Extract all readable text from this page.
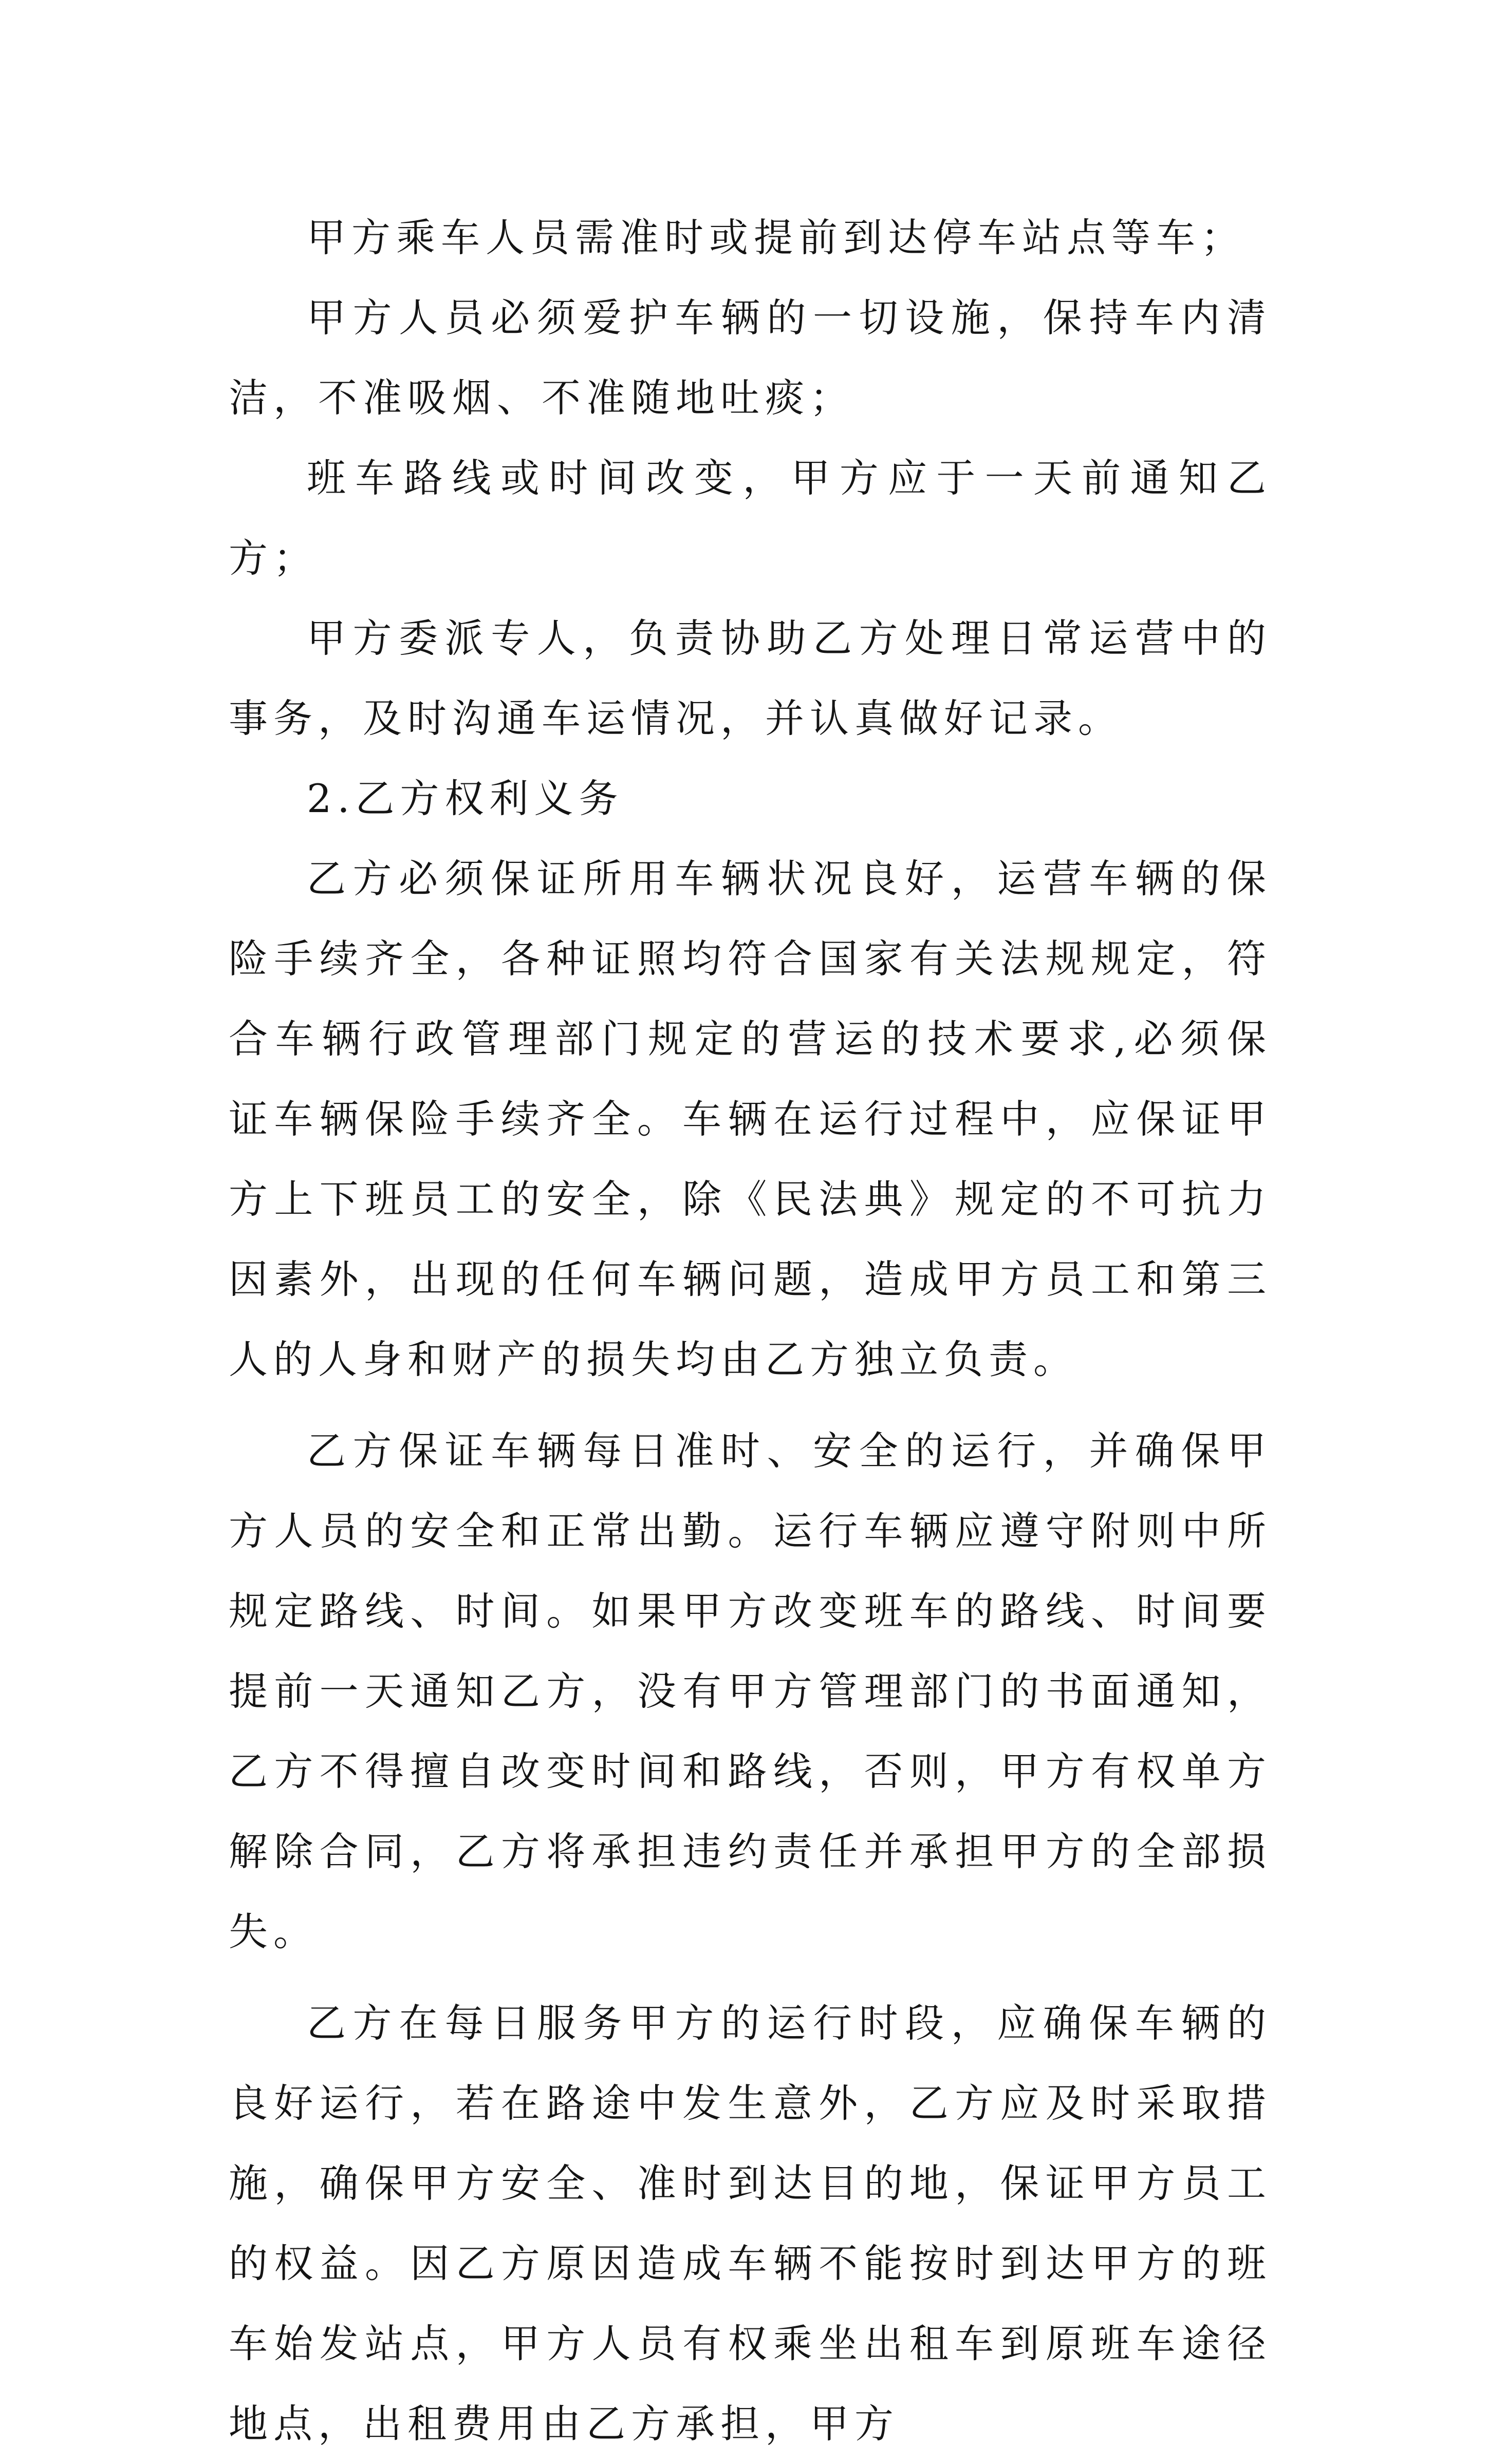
甲方乘车人员需准时或提前到达停车站点等车；

甲方人员必须爱护车辆的一切设施，保持车内清洁，不准吸烟、不准随地吐痰；

班车路线或时间改变，甲方应于一天前通知乙方；

甲方委派专人，负责协助乙方处理日常运营中的事务，及时沟通车运情况，并认真做好记录。

2.乙方权利义务

乙方必须保证所用车辆状况良好，运营车辆的保险手续齐全，各种证照均符合国家有关法规规定，符合车辆行政管理部门规定的营运的技术要求,必须保证车辆保险手续齐全。车辆在运行过程中，应保证甲方上下班员工的安全，除《民法典》规定的不可抗力因素外，出现的任何车辆问题，造成甲方员工和第三人的人身和财产的损失均由乙方独立负责。

乙方保证车辆每日准时、安全的运行，并确保甲方人员的安全和正常出勤。运行车辆应遵守附则中所规定路线、时间。如果甲方改变班车的路线、时间要提前一天通知乙方，没有甲方管理部门的书面通知，乙方不得擅自改变时间和路线，否则，甲方有权单方解除合同，乙方将承担违约责任并承担甲方的全部损失。

乙方在每日服务甲方的运行时段，应确保车辆的良好运行，若在路途中发生意外，乙方应及时采取措施，确保甲方安全、准时到达目的地，保证甲方员工的权益。因乙方原因造成车辆不能按时到达甲方的班车始发站点，甲方人员有权乘坐出租车到原班车途径地点，出租费用由乙方承担，甲方
